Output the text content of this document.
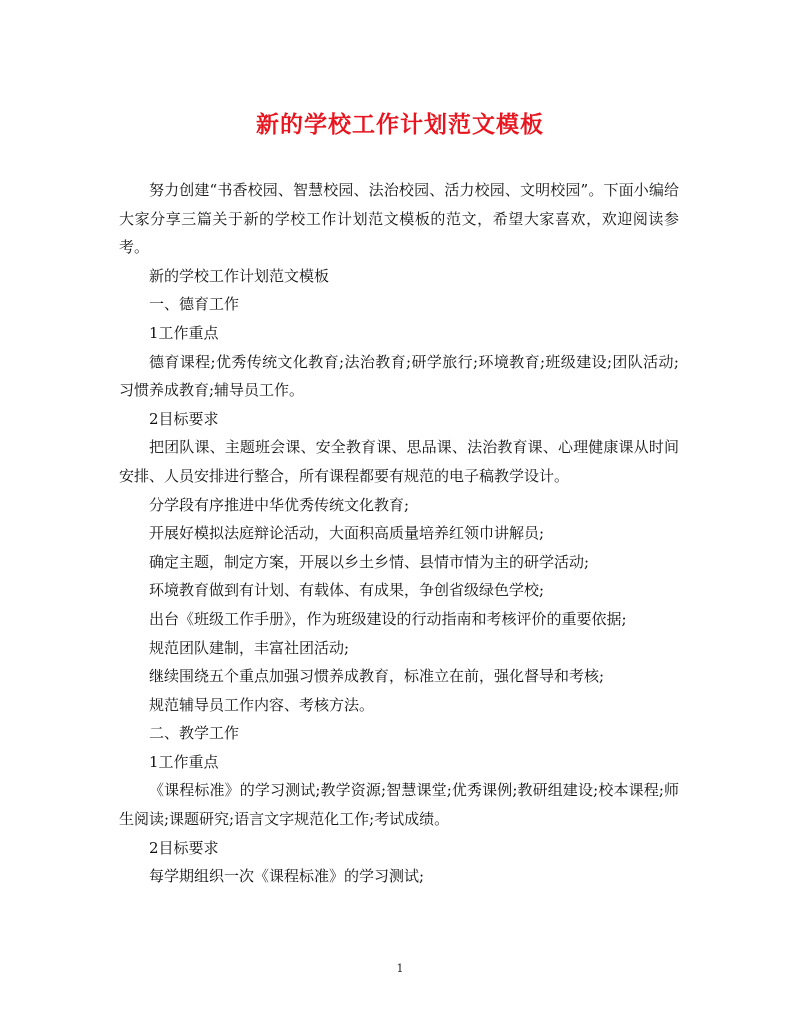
新的学校工作计划范文模板

努力创建“书香校园、智慧校园、法治校园、活力校园、文明校园”。下面小编给大家分享三篇关于新的学校工作计划范文模板的范文，希望大家喜欢，欢迎阅读参考。

新的学校工作计划范文模板

一、德育工作

1工作重点

德育课程;优秀传统文化教育;法治教育;研学旅行;环境教育;班级建设;团队活动;习惯养成教育;辅导员工作。

2目标要求

把团队课、主题班会课、安全教育课、思品课、法治教育课、心理健康课从时间安排、人员安排进行整合，所有课程都要有规范的电子稿教学设计。

分学段有序推进中华优秀传统文化教育;

开展好模拟法庭辩论活动，大面积高质量培养红领巾讲解员;

确定主题，制定方案，开展以乡土乡情、县情市情为主的研学活动;

环境教育做到有计划、有载体、有成果，争创省级绿色学校;

出台《班级工作手册》，作为班级建设的行动指南和考核评价的重要依据;

规范团队建制，丰富社团活动;

继续围绕五个重点加强习惯养成教育，标准立在前，强化督导和考核;

规范辅导员工作内容、考核方法。

二、教学工作

1工作重点

《课程标准》的学习测试;教学资源;智慧课堂;优秀课例;教研组建设;校本课程;师生阅读;课题研究;语言文字规范化工作;考试成绩。

2目标要求

每学期组织一次《课程标准》的学习测试;

1
